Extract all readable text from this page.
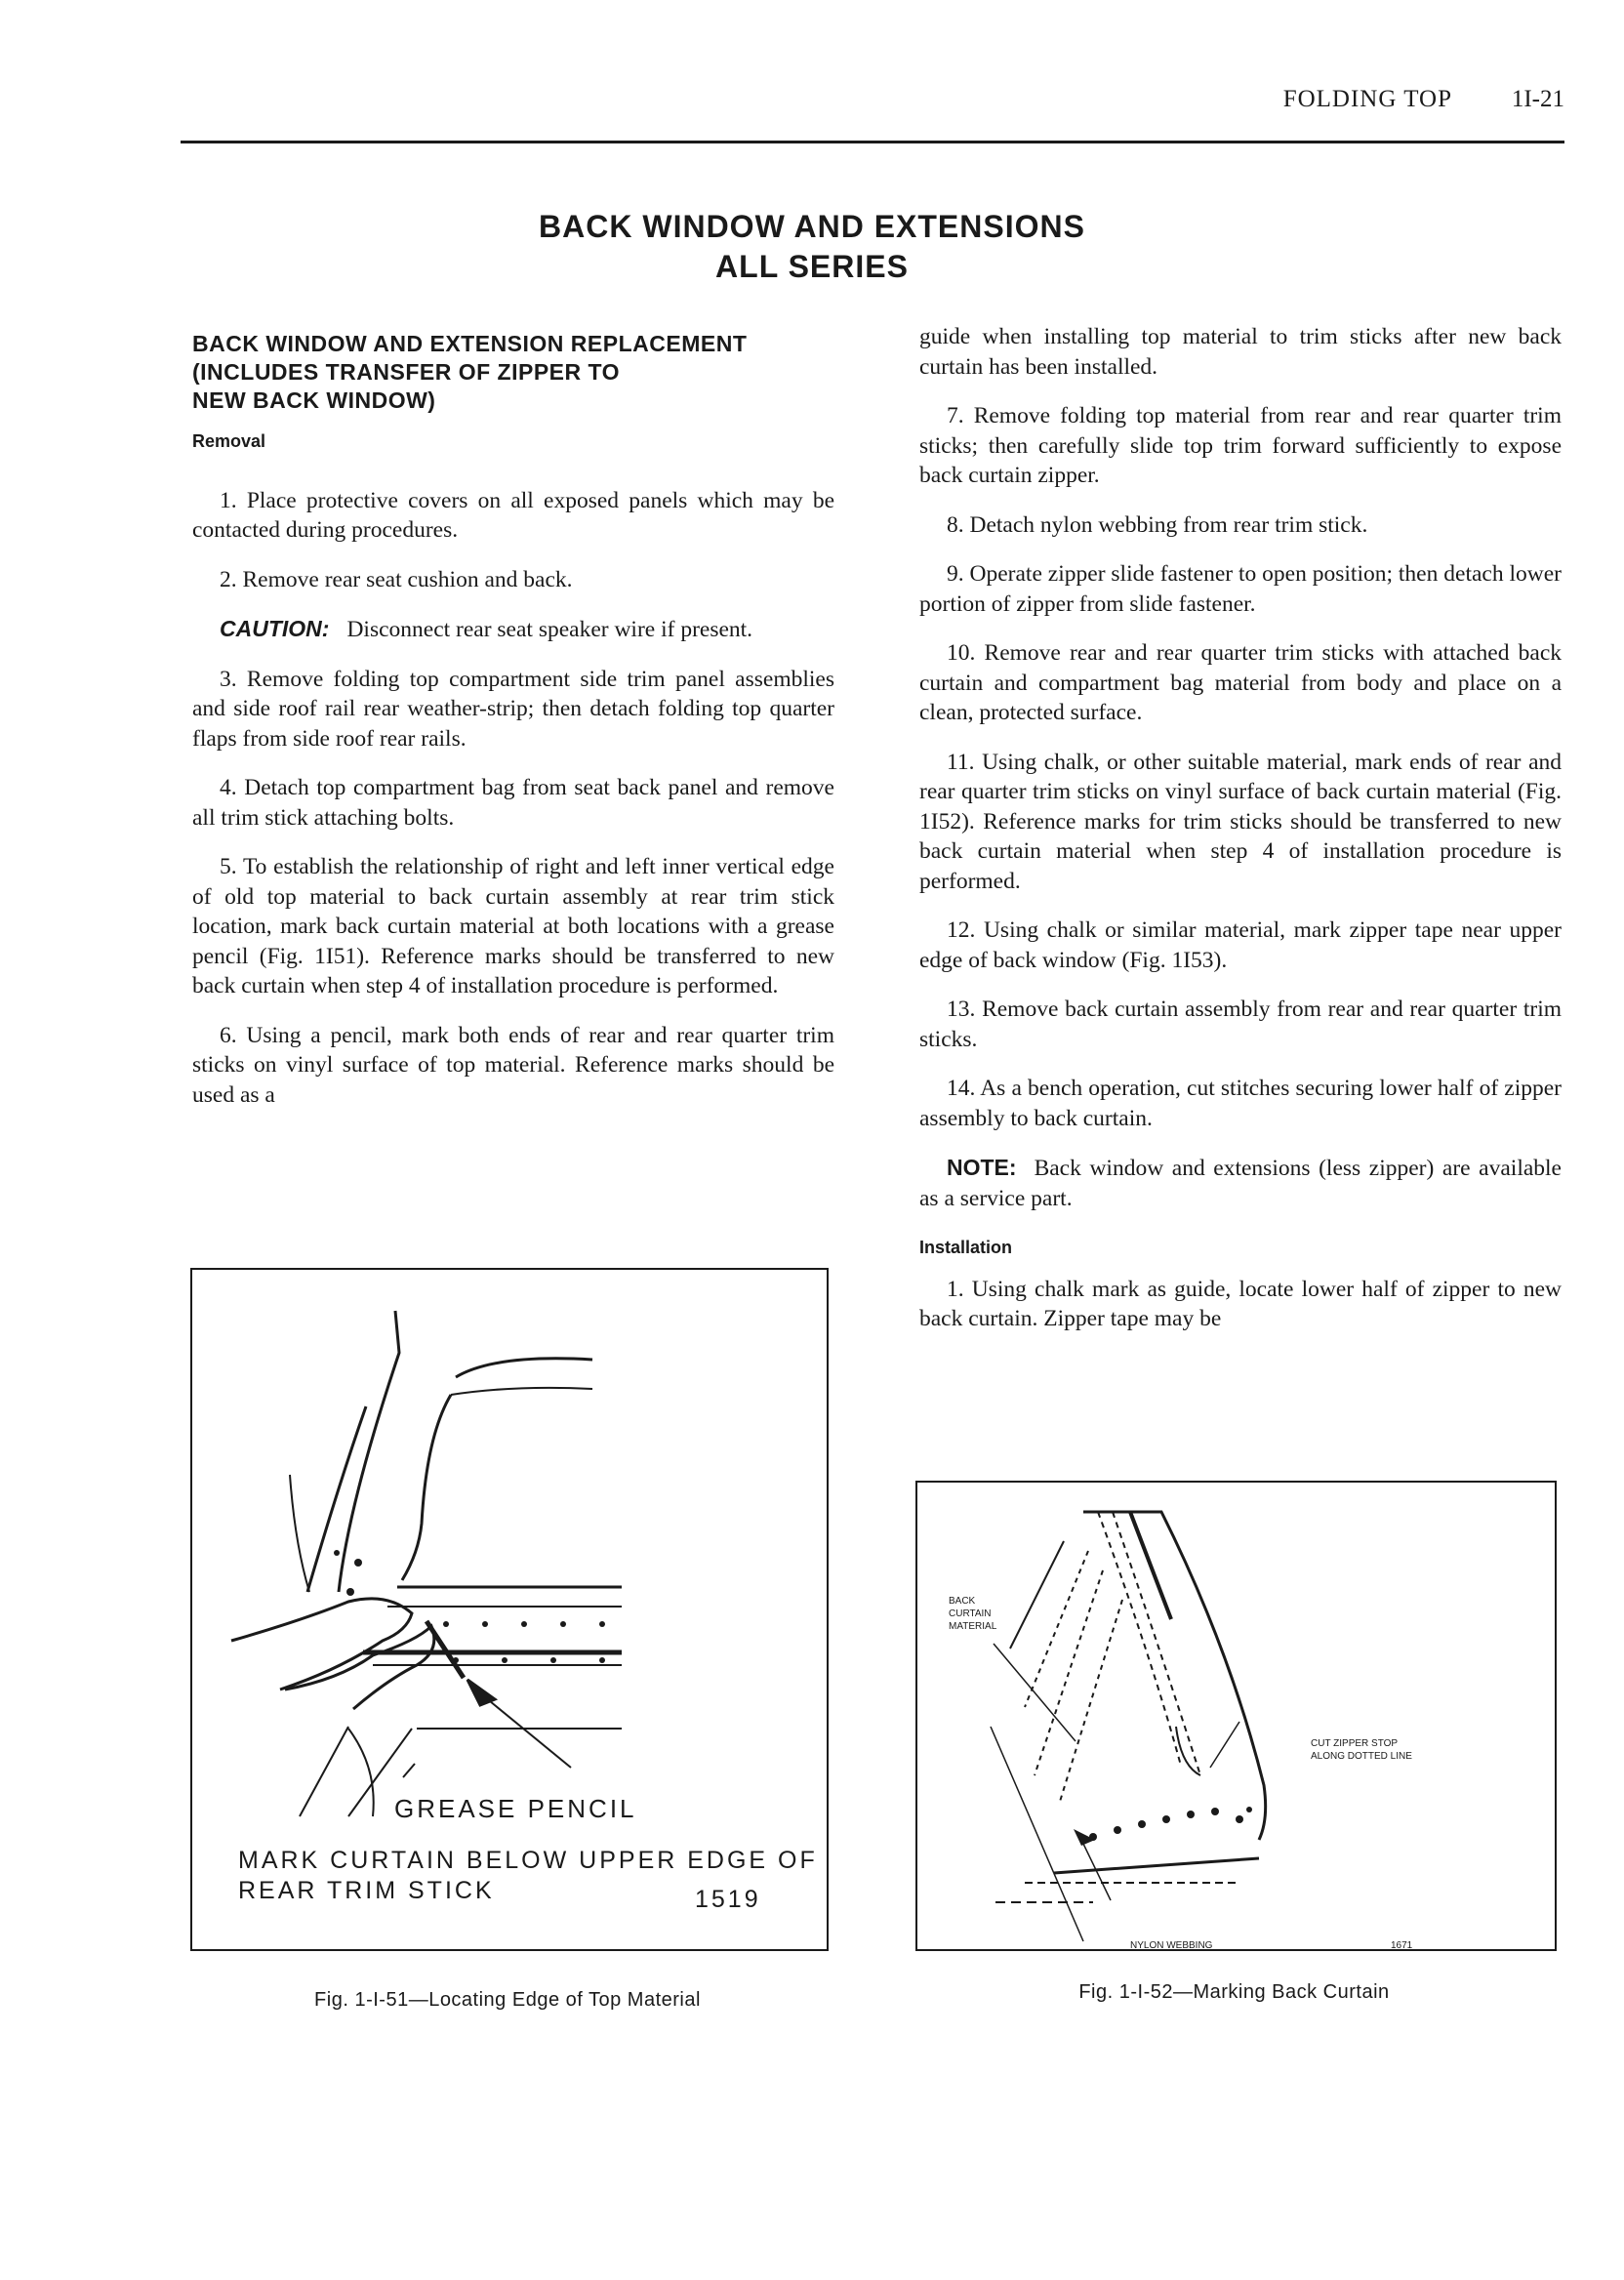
FOLDING TOP 1I-21
BACK WINDOW AND EXTENSIONS
ALL SERIES
BACK WINDOW AND EXTENSION REPLACEMENT
(INCLUDES TRANSFER OF ZIPPER TO
NEW BACK WINDOW)

Removal

1. Place protective covers on all exposed panels which may be contacted during procedures.

2. Remove rear seat cushion and back.

CAUTION: Disconnect rear seat speaker wire if present.

3. Remove folding top compartment side trim panel assemblies and side roof rail rear weather-strip; then detach folding top quarter flaps from side roof rear rails.

4. Detach top compartment bag from seat back panel and remove all trim stick attaching bolts.

5. To establish the relationship of right and left inner vertical edge of old top material to back curtain assembly at rear trim stick location, mark back curtain material at both locations with a grease pencil (Fig. 1I51). Reference marks should be transferred to new back curtain when step 4 of installation procedure is performed.

6. Using a pencil, mark both ends of rear and rear quarter trim sticks on vinyl surface of top material. Reference marks should be used as a

guide when installing top material to trim sticks after new back curtain has been installed.

7. Remove folding top material from rear and rear quarter trim sticks; then carefully slide top trim forward sufficiently to expose back curtain zipper.

8. Detach nylon webbing from rear trim stick.

9. Operate zipper slide fastener to open position; then detach lower portion of zipper from slide fastener.

10. Remove rear and rear quarter trim sticks with attached back curtain and compartment bag material from body and place on a clean, protected surface.

11. Using chalk, or other suitable material, mark ends of rear and rear quarter trim sticks on vinyl surface of back curtain material (Fig. 1I52). Reference marks for trim sticks should be transferred to new back curtain material when step 4 of installation procedure is performed.

12. Using chalk or similar material, mark zipper tape near upper edge of back window (Fig. 1I53).

13. Remove back curtain assembly from rear and rear quarter trim sticks.

14. As a bench operation, cut stitches securing lower half of zipper assembly to back curtain.

NOTE: Back window and extensions (less zipper) are available as a service part.

Installation

1. Using chalk mark as guide, locate lower half of zipper to new back curtain. Zipper tape may be

GREASE PENCIL
MARK CURTAIN BELOW UPPER EDGE OF
REAR TRIM STICK	1519
Fig. 1-I-51—Locating Edge of Top Material
BACK
CURTAIN
MATERIAL
CUT ZIPPER STOP
ALONG DOTTED LINE
NYLON WEBBING	1671
Fig. 1-I-52—Marking Back Curtain
